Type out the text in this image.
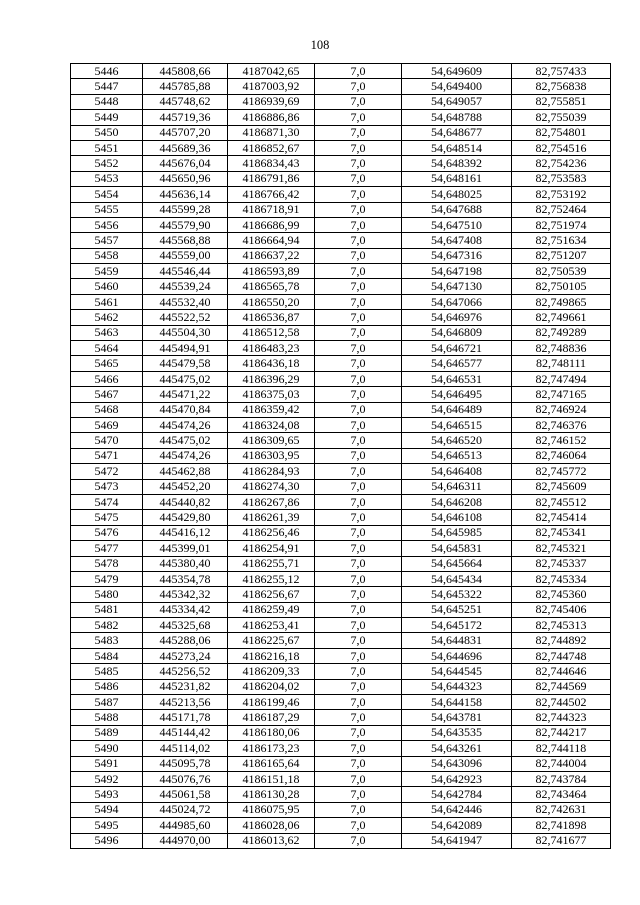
108
5446	445808,66	4187042,65	7,0	54,649609	82,757433
5447	445785,88	4187003,92	7,0	54,649400	82,756838
5448	445748,62	4186939,69	7,0	54,649057	82,755851
5449	445719,36	4186886,86	7,0	54,648788	82,755039
5450	445707,20	4186871,30	7,0	54,648677	82,754801
5451	445689,36	4186852,67	7,0	54,648514	82,754516
5452	445676,04	4186834,43	7,0	54,648392	82,754236
5453	445650,96	4186791,86	7,0	54,648161	82,753583
5454	445636,14	4186766,42	7,0	54,648025	82,753192
5455	445599,28	4186718,91	7,0	54,647688	82,752464
5456	445579,90	4186686,99	7,0	54,647510	82,751974
5457	445568,88	4186664,94	7,0	54,647408	82,751634
5458	445559,00	4186637,22	7,0	54,647316	82,751207
5459	445546,44	4186593,89	7,0	54,647198	82,750539
5460	445539,24	4186565,78	7,0	54,647130	82,750105
5461	445532,40	4186550,20	7,0	54,647066	82,749865
5462	445522,52	4186536,87	7,0	54,646976	82,749661
5463	445504,30	4186512,58	7,0	54,646809	82,749289
5464	445494,91	4186483,23	7,0	54,646721	82,748836
5465	445479,58	4186436,18	7,0	54,646577	82,748111
5466	445475,02	4186396,29	7,0	54,646531	82,747494
5467	445471,22	4186375,03	7,0	54,646495	82,747165
5468	445470,84	4186359,42	7,0	54,646489	82,746924
5469	445474,26	4186324,08	7,0	54,646515	82,746376
5470	445475,02	4186309,65	7,0	54,646520	82,746152
5471	445474,26	4186303,95	7,0	54,646513	82,746064
5472	445462,88	4186284,93	7,0	54,646408	82,745772
5473	445452,20	4186274,30	7,0	54,646311	82,745609
5474	445440,82	4186267,86	7,0	54,646208	82,745512
5475	445429,80	4186261,39	7,0	54,646108	82,745414
5476	445416,12	4186256,46	7,0	54,645985	82,745341
5477	445399,01	4186254,91	7,0	54,645831	82,745321
5478	445380,40	4186255,71	7,0	54,645664	82,745337
5479	445354,78	4186255,12	7,0	54,645434	82,745334
5480	445342,32	4186256,67	7,0	54,645322	82,745360
5481	445334,42	4186259,49	7,0	54,645251	82,745406
5482	445325,68	4186253,41	7,0	54,645172	82,745313
5483	445288,06	4186225,67	7,0	54,644831	82,744892
5484	445273,24	4186216,18	7,0	54,644696	82,744748
5485	445256,52	4186209,33	7,0	54,644545	82,744646
5486	445231,82	4186204,02	7,0	54,644323	82,744569
5487	445213,56	4186199,46	7,0	54,644158	82,744502
5488	445171,78	4186187,29	7,0	54,643781	82,744323
5489	445144,42	4186180,06	7,0	54,643535	82,744217
5490	445114,02	4186173,23	7,0	54,643261	82,744118
5491	445095,78	4186165,64	7,0	54,643096	82,744004
5492	445076,76	4186151,18	7,0	54,642923	82,743784
5493	445061,58	4186130,28	7,0	54,642784	82,743464
5494	445024,72	4186075,95	7,0	54,642446	82,742631
5495	444985,60	4186028,06	7,0	54,642089	82,741898
5496	444970,00	4186013,62	7,0	54,641947	82,741677
